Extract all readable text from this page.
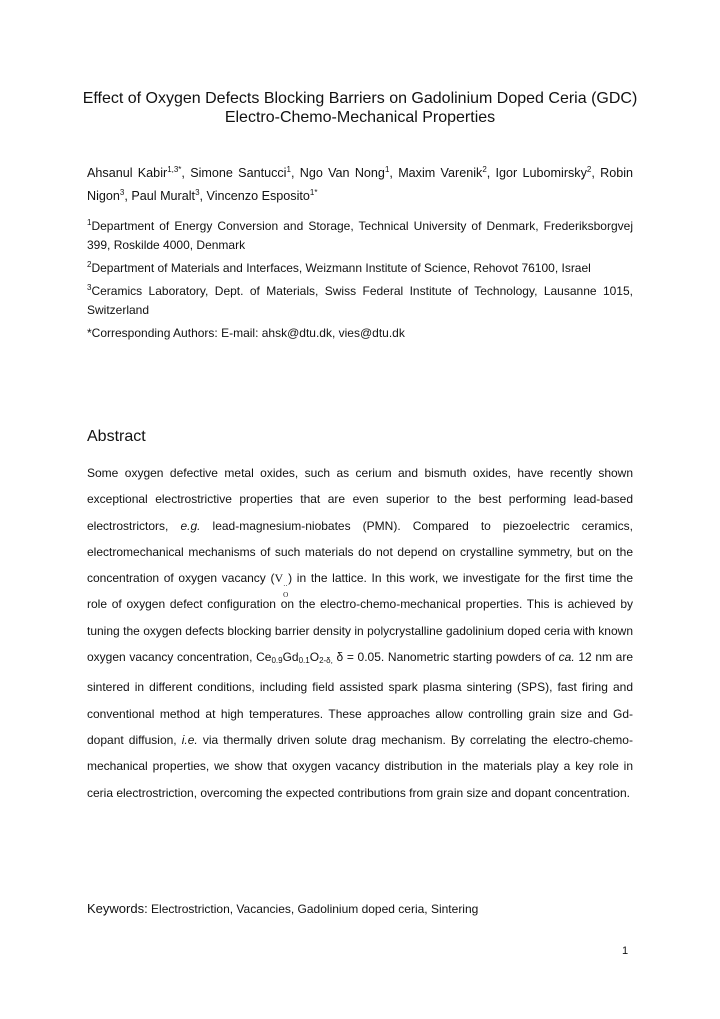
Effect of Oxygen Defects Blocking Barriers on Gadolinium Doped Ceria (GDC) Electro-Chemo-Mechanical Properties
Ahsanul Kabir$^{1,3*}$, Simone Santucci$^1$, Ngo Van Nong$^1$, Maxim Varenik$^2$, Igor Lubomirsky$^2$, Robin Nigon$^3$, Paul Muralt$^3$, Vincenzo Esposito$^{1*}$

$^1$Department of Energy Conversion and Storage, Technical University of Denmark, Frederiksborgvej 399, Roskilde 4000, Denmark

$^2$Department of Materials and Interfaces, Weizmann Institute of Science, Rehovot 76100, Israel

$^3$Ceramics Laboratory, Dept. of Materials, Swiss Federal Institute of Technology, Lausanne 1015, Switzerland

*Corresponding Authors: E-mail: ahsk@dtu.dk, vies@dtu.dk

Abstract

Some oxygen defective metal oxides, such as cerium and bismuth oxides, have recently shown exceptional electrostrictive properties that are even superior to the best performing lead-based electrostrictors, e.g. lead-magnesium-niobates (PMN). Compared to piezoelectric ceramics, electromechanical mechanisms of such materials do not depend on crystalline symmetry, but on the concentration of oxygen vacancy (V
··
O
) in the lattice. In this work, we investigate for the first time the role of oxygen defect configuration on the electro-chemo-mechanical properties. This is achieved by tuning the oxygen defects blocking barrier density in polycrystalline gadolinium doped ceria with known oxygen vacancy concentration, $Ce_{0.9}Gd_{0.1}O_{2-\delta,}$ δ = 0.05. Nanometric starting powders of ca. 12 nm are sintered in different conditions, including field assisted spark plasma sintering (SPS), fast firing and conventional method at high temperatures. These approaches allow controlling grain size and Gd-dopant diffusion, i.e. via thermally driven solute drag mechanism. By correlating the electro-chemo-mechanical properties, we show that oxygen vacancy distribution in the materials play a key role in ceria electrostriction, overcoming the expected contributions from grain size and dopant concentration.

Keywords: Electrostriction, Vacancies, Gadolinium doped ceria, Sintering
1
